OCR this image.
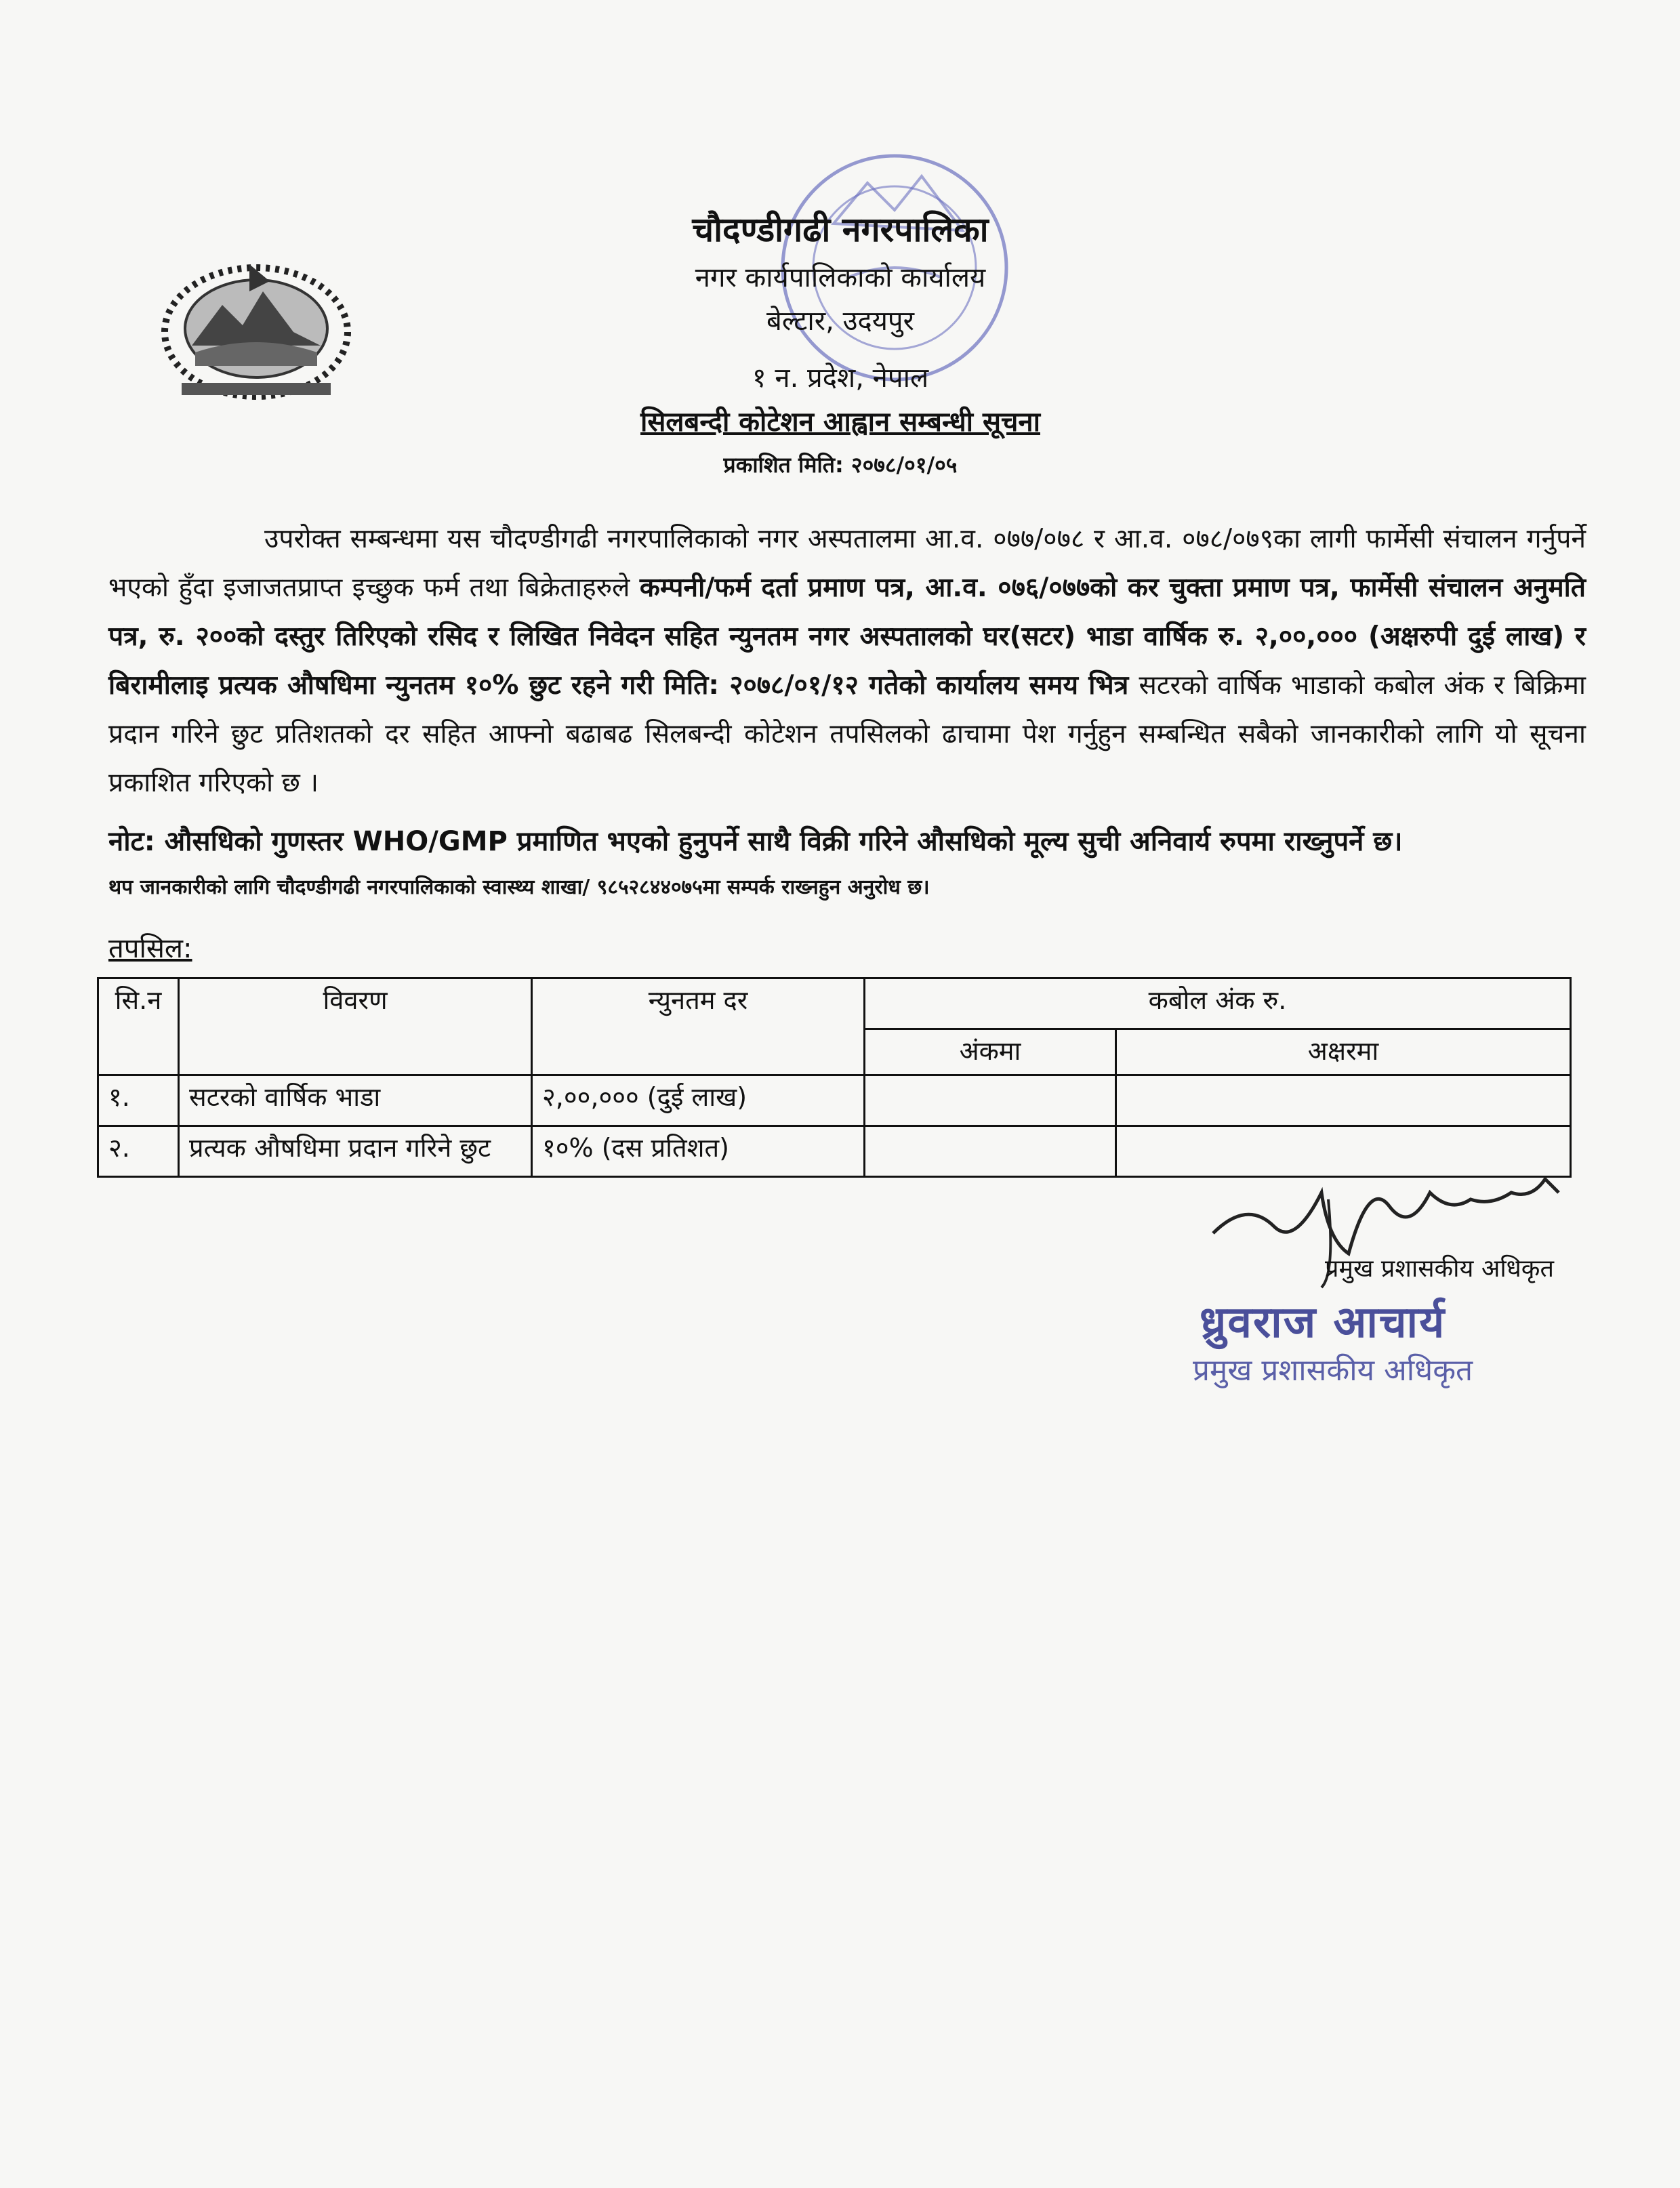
चौदण्डीगढी नगरपालिका
नगर कार्यपालिकाको कार्यालय
बेल्टार, उदयपुर
१ न. प्रदेश, नेपाल
सिलबन्दी कोटेशन आह्वान सम्बन्धी सूचना
प्रकाशित मिति: २०७८/०१/०५
उपरोक्त सम्बन्धमा यस चौदण्डीगढी नगरपालिकाको नगर अस्पतालमा आ.व. ०७७/०७८ र आ.व. ०७८/०७९का लागी फार्मेसी संचालन गर्नुपर्ने भएको हुँदा इजाजतप्राप्त इच्छुक फर्म तथा बिक्रेताहरुले कम्पनी/फर्म दर्ता प्रमाण पत्र, आ.व. ०७६/०७७को कर चुक्ता प्रमाण पत्र, फार्मेसी संचालन अनुमति पत्र, रु. २००को दस्तुर तिरिएको रसिद र लिखित निवेदन सहित न्युनतम नगर अस्पतालको घर(सटर) भाडा वार्षिक रु. २,००,००० (अक्षरुपी दुई लाख) र बिरामीलाइ प्रत्यक औषधिमा न्युनतम १०% छुट रहने गरी मिति: २०७८/०१/१२ गतेको कार्यालय समय भित्र सटरको वार्षिक भाडाको कबोल अंक र बिक्रिमा प्रदान गरिने छुट प्रतिशतको दर सहित आफ्नो बढाबढ सिलबन्दी कोटेशन तपसिलको ढाचामा पेश गर्नुहुन सम्बन्धित सबैको जानकारीको लागि यो सूचना प्रकाशित गरिएको छ ।
नोट: औसधिको गुणस्तर WHO/GMP प्रमाणित भएको हुनुपर्ने साथै विक्री गरिने औसधिको मूल्य सुची अनिवार्य रुपमा राख्नुपर्ने छ।
थप जानकारीको लागि चौदण्डीगढी नगरपालिकाको स्वास्थ्य शाखा/ ९८५२८४४०७५मा सम्पर्क राख्नहुन अनुरोध छ।
तपसिल:
सि.न	विवरण	न्युनतम दर	कबोल अंक रु.	
			अंकमा	अक्षरमा
१.	सटरको वार्षिक भाडा	२,००,००० (दुई लाख)		
२.	प्रत्यक औषधिमा प्रदान गरिने छुट	१०% (दस प्रतिशत)		
प्रमुख प्रशासकीय अधिकृत
ध्रुवराज आचार्य
प्रमुख प्रशासकीय अधिकृत
